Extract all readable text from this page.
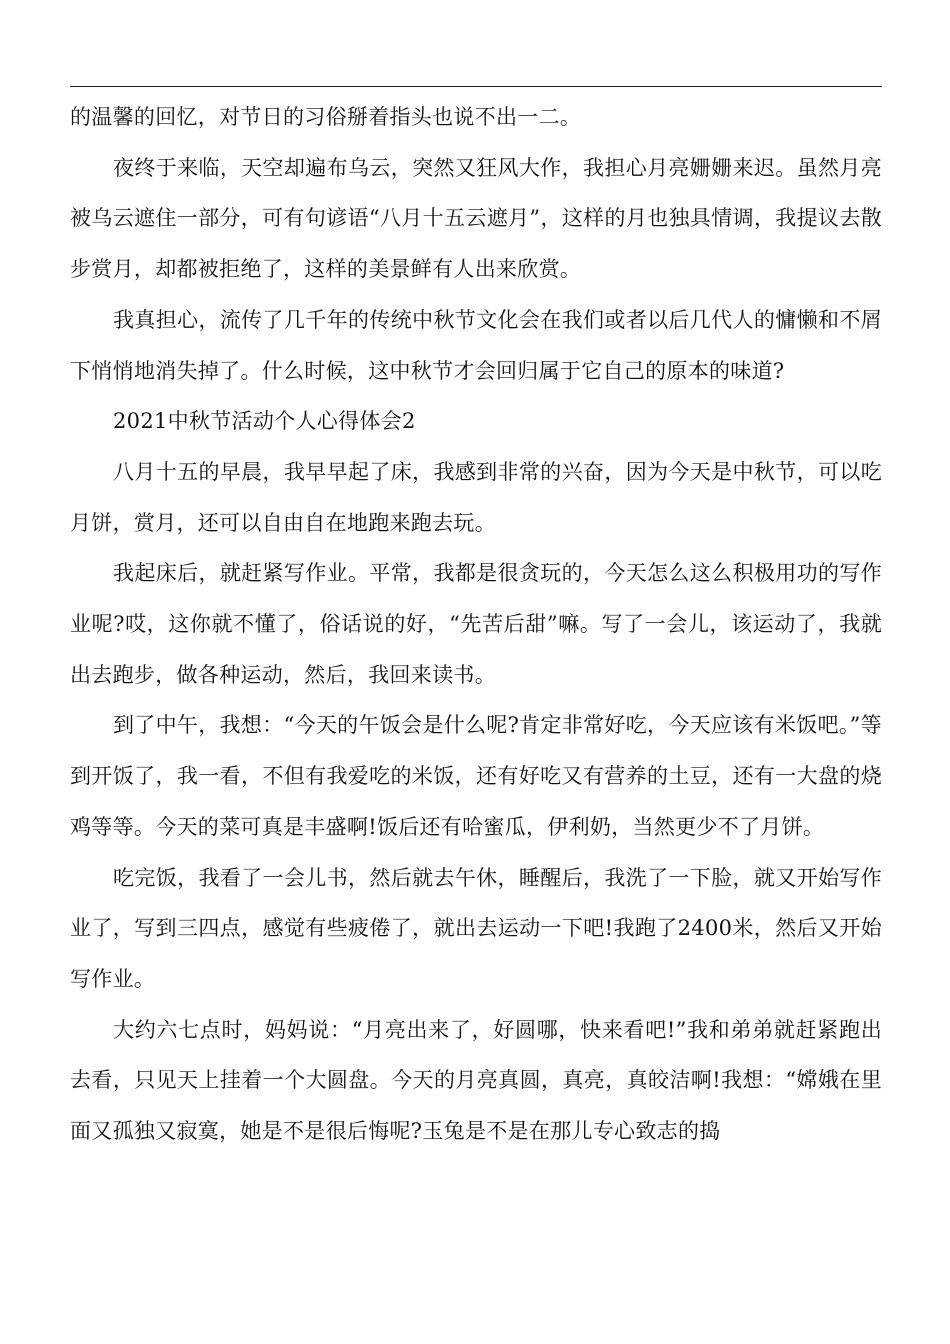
的温馨的回忆，对节日的习俗掰着指头也说不出一二。

夜终于来临，天空却遍布乌云，突然又狂风大作，我担心月亮姗姗来迟。虽然月亮被乌云遮住一部分，可有句谚语“八月十五云遮月”，这样的月也独具情调，我提议去散步赏月，却都被拒绝了，这样的美景鲜有人出来欣赏。

我真担心，流传了几千年的传统中秋节文化会在我们或者以后几代人的慵懒和不屑下悄悄地消失掉了。什么时候，这中秋节才会回归属于它自己的原本的味道?

2021中秋节活动个人心得体会2

八月十五的早晨，我早早起了床，我感到非常的兴奋，因为今天是中秋节，可以吃月饼，赏月，还可以自由自在地跑来跑去玩。

我起床后，就赶紧写作业。平常，我都是很贪玩的，今天怎么这么积极用功的写作业呢?哎，这你就不懂了，俗话说的好，“先苦后甜”嘛。写了一会儿，该运动了，我就出去跑步，做各种运动，然后，我回来读书。

到了中午，我想：“今天的午饭会是什么呢?肯定非常好吃，今天应该有米饭吧。”等到开饭了，我一看，不但有我爱吃的米饭，还有好吃又有营养的土豆，还有一大盘的烧鸡等等。今天的菜可真是丰盛啊!饭后还有哈蜜瓜，伊利奶，当然更少不了月饼。

吃完饭，我看了一会儿书，然后就去午休，睡醒后，我洗了一下脸，就又开始写作业了，写到三四点，感觉有些疲倦了，就出去运动一下吧!我跑了2400米，然后又开始写作业。

大约六七点时，妈妈说：“月亮出来了，好圆哪，快来看吧!”我和弟弟就赶紧跑出去看，只见天上挂着一个大圆盘。今天的月亮真圆，真亮，真皎洁啊!我想：“嫦娥在里面又孤独又寂寞，她是不是很后悔呢?玉兔是不是在那儿专心致志的捣
